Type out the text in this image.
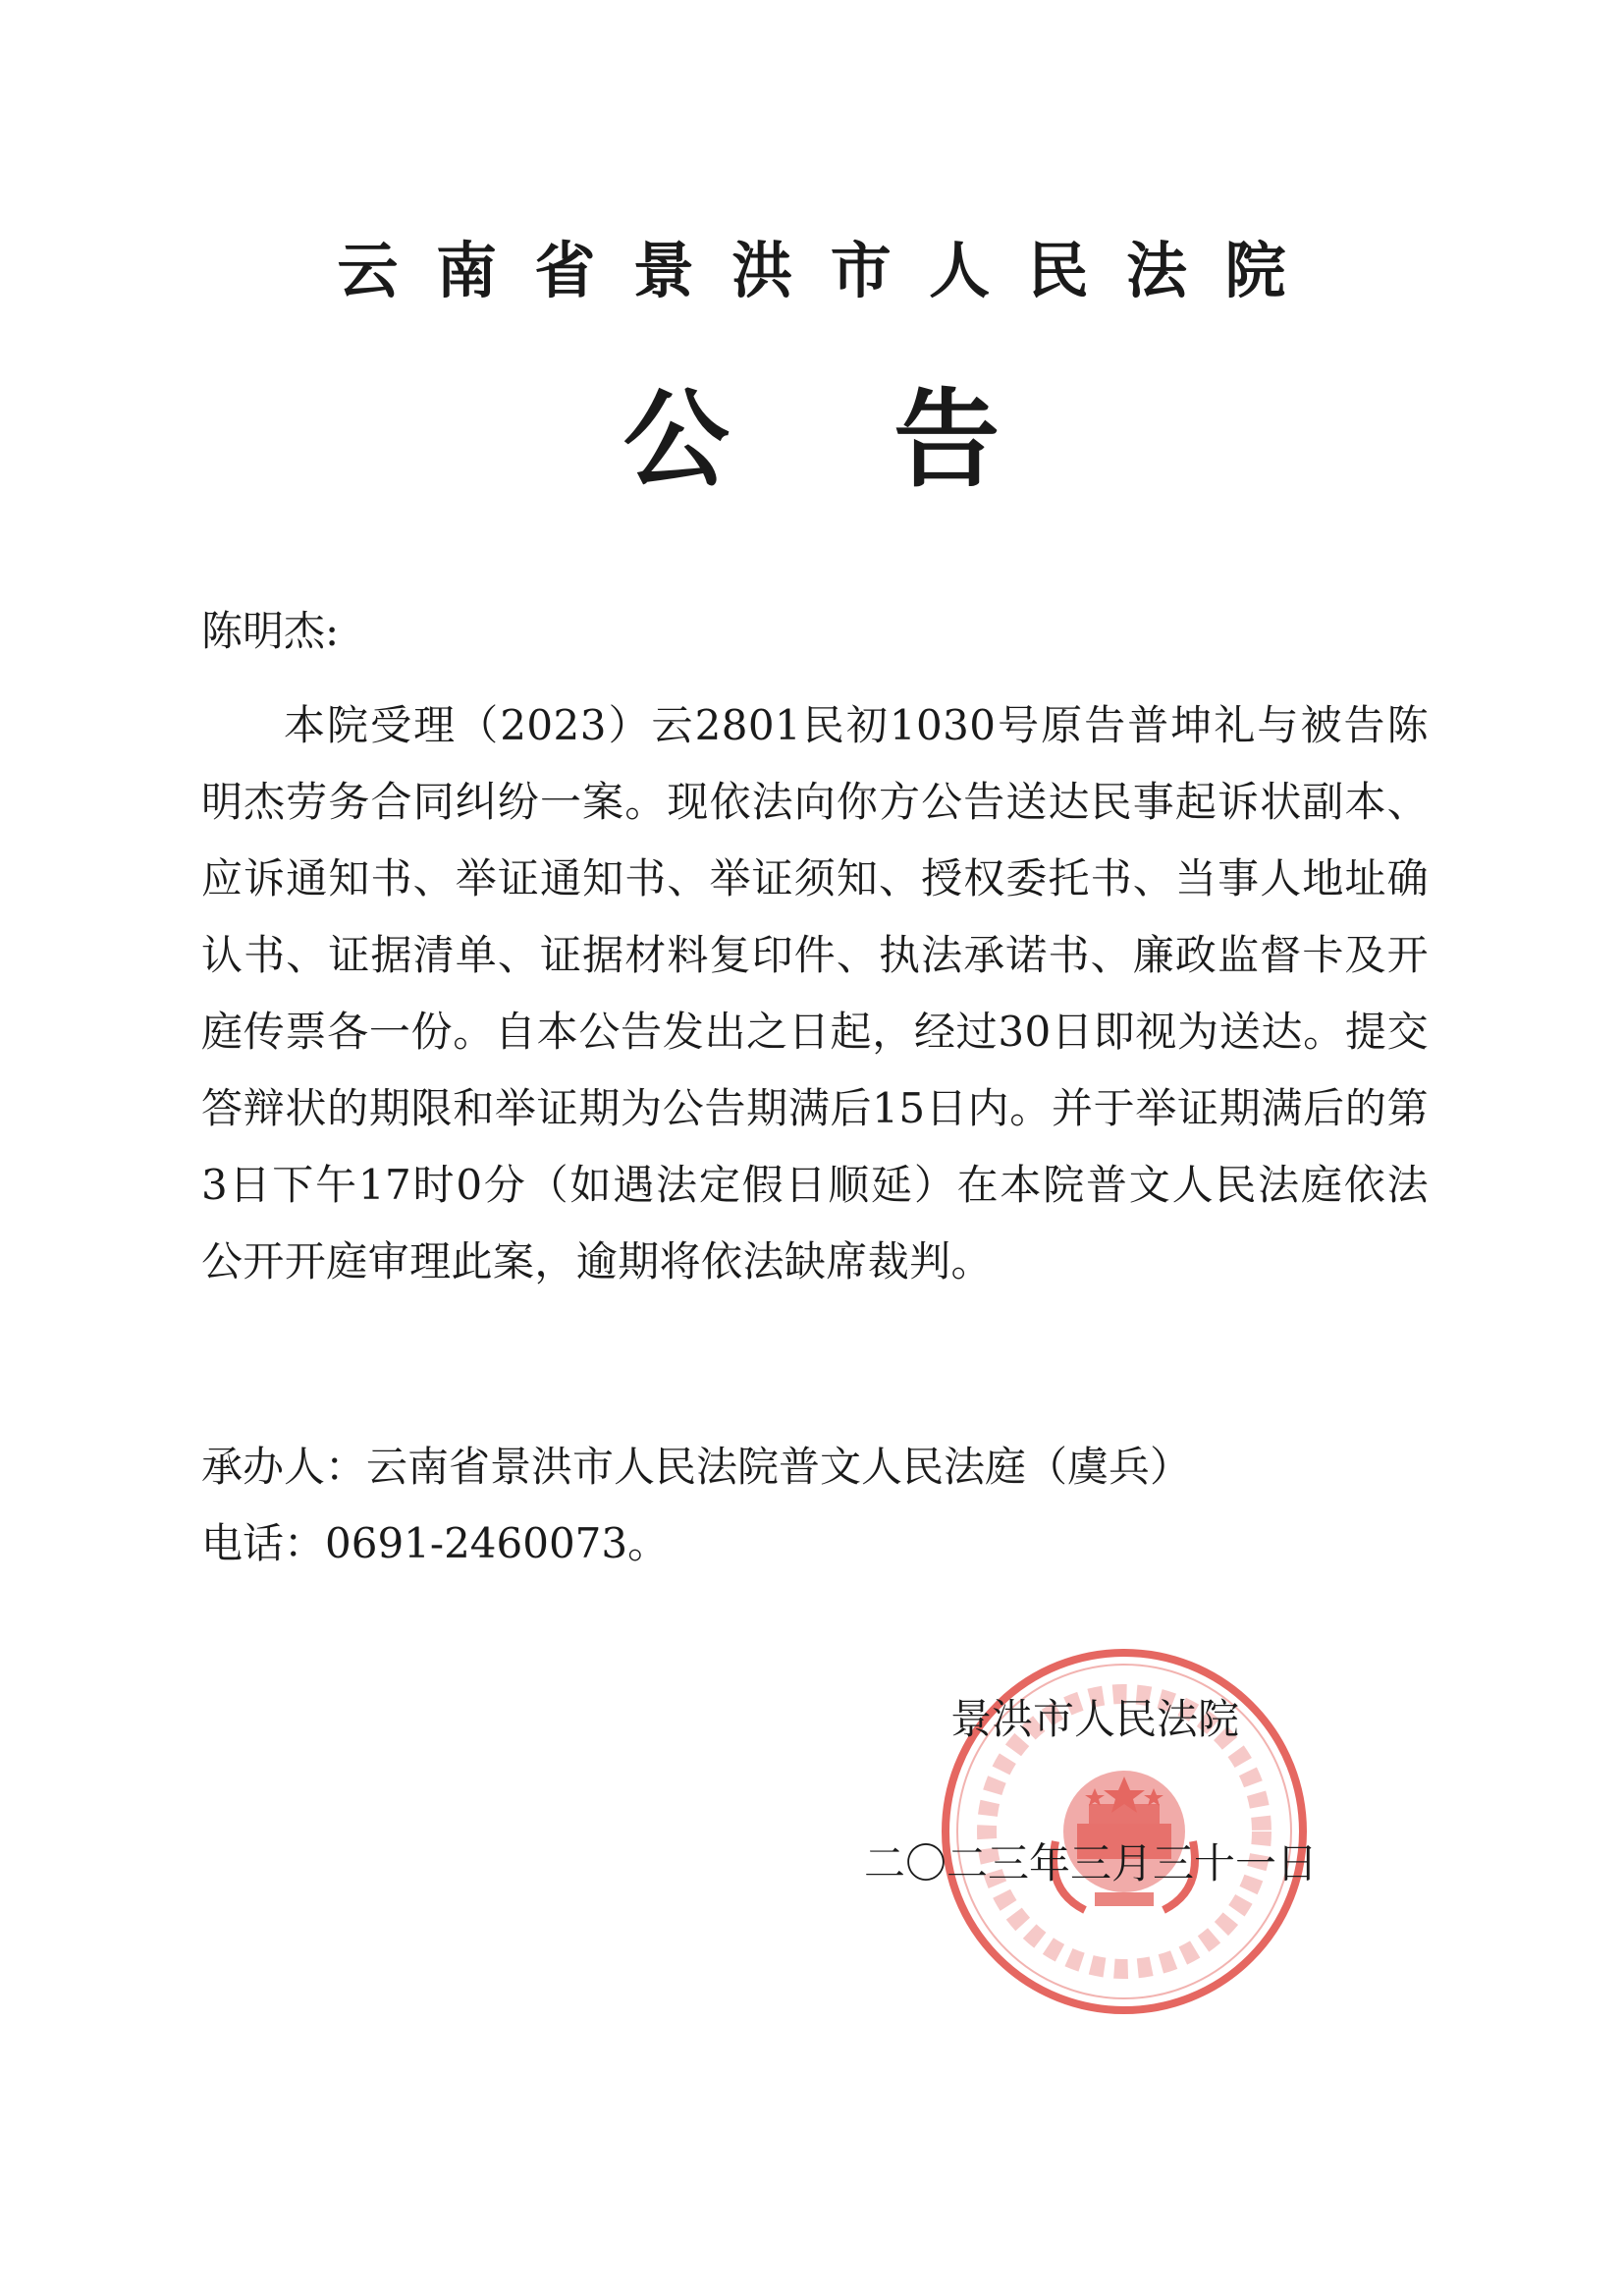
云南省景洪市人民法院
公告
陈明杰:
本院受理（2023）云2801民初1030号原告普坤礼与被告陈明杰劳务合同纠纷一案。现依法向你方公告送达民事起诉状副本、应诉通知书、举证通知书、举证须知、授权委托书、当事人地址确认书、证据清单、证据材料复印件、执法承诺书、廉政监督卡及开庭传票各一份。自本公告发出之日起，经过30日即视为送达。提交答辩状的期限和举证期为公告期满后15日内。并于举证期满后的第3日下午17时0分（如遇法定假日顺延）在本院普文人民法庭依法公开开庭审理此案，逾期将依法缺席裁判。
承办人：云南省景洪市人民法院普文人民法庭（虞兵）
电话：0691-2460073。
景洪市人民法院
二〇二三年三月三十一日
